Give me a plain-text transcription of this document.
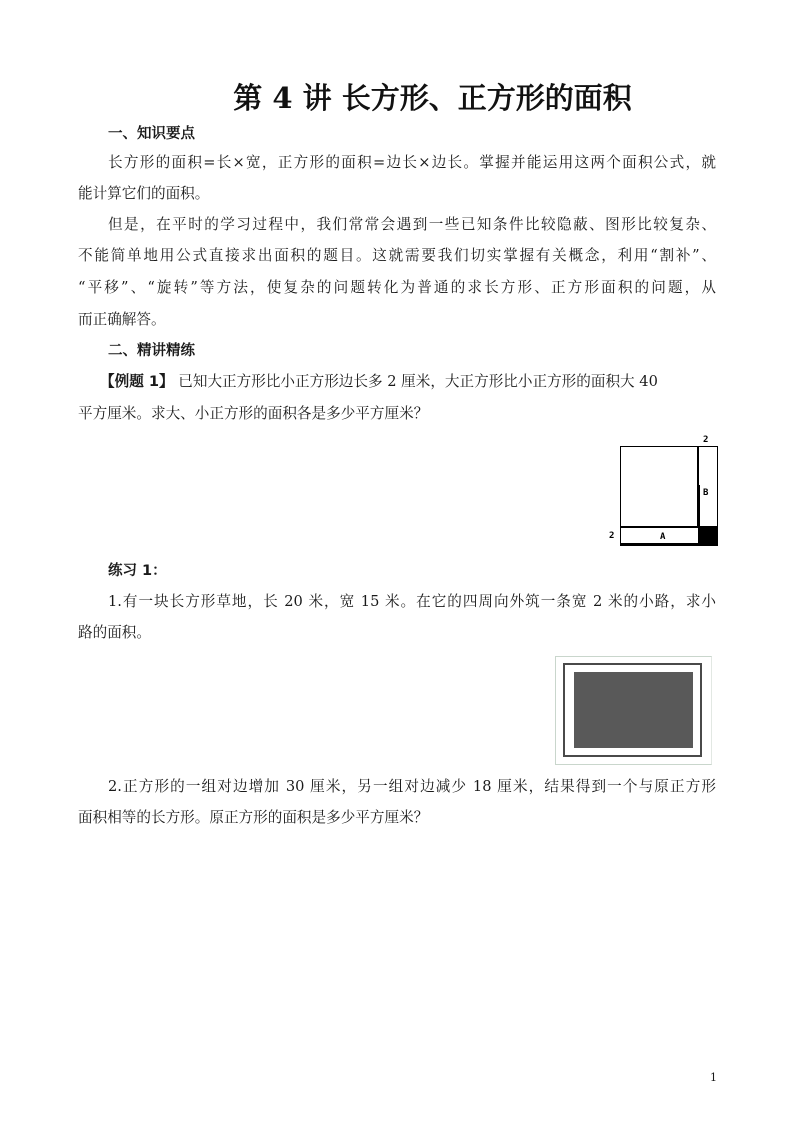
第 4 讲 长方形、正方形的面积
一、知识要点
长方形的面积=长×宽，正方形的面积=边长×边长。掌握并能运用这两个面积公式，就
能计算它们的面积。
但是，在平时的学习过程中，我们常常会遇到一些已知条件比较隐蔽、图形比较复杂、
不能简单地用公式直接求出面积的题目。这就需要我们切实掌握有关概念，利用“割补”、
“平移”、“旋转”等方法，使复杂的问题转化为普通的求长方形、正方形面积的问题，从
而正确解答。
二、精讲精练
【例题 1】 已知大正方形比小正方形边长多 2 厘米，大正方形比小正方形的面积大 40
平方厘米。求大、小正方形的面积各是多少平方厘米？
2
B
2	A
练习 1：
1.有一块长方形草地，长 20 米，宽 15 米。在它的四周向外筑一条宽 2 米的小路，求小
路的面积。
2.正方形的一组对边增加 30 厘米，另一组对边减少 18 厘米，结果得到一个与原正方形
面积相等的长方形。原正方形的面积是多少平方厘米？
1
